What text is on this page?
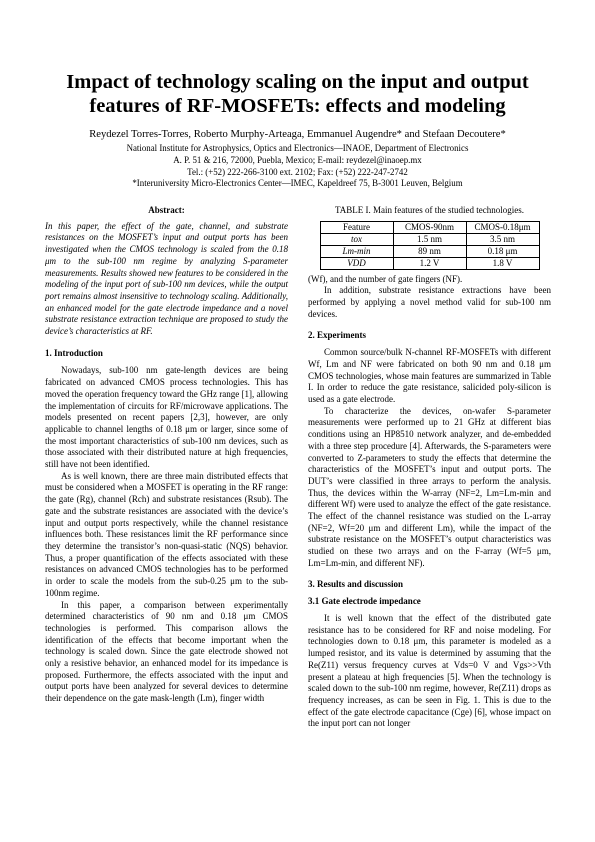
Impact of technology scaling on the input and output
features of RF-MOSFETs: effects and modeling
Reydezel Torres-Torres, Roberto Murphy-Arteaga, Emmanuel Augendre* and Stefaan Decoutere*
National Institute for Astrophysics, Optics and Electronics—INAOE, Department of Electronics
A. P. 51 & 216, 72000, Puebla, Mexico; E-mail: reydezel@inaoep.mx
Tel.: (+52) 222-266-3100 ext. 2102; Fax: (+52) 222-247-2742
*Interuniversity Micro-Electronics Center—IMEC, Kapeldreef 75, B-3001 Leuven, Belgium
Abstract:

In this paper, the effect of the gate, channel, and substrate resistances on the MOSFET’s input and output ports has been investigated when the CMOS technology is scaled from the 0.18 μm to the sub-100 nm regime by analyzing S-parameter measurements. Results showed new features to be considered in the modeling of the input port of sub-100 nm devices, while the output port remains almost insensitive to technology scaling. Additionally, an enhanced model for the gate electrode impedance and a novel substrate resistance extraction technique are proposed to study the device’s characteristics at RF.

1. Introduction

Nowadays, sub-100 nm gate-length devices are being fabricated on advanced CMOS process technologies. This has moved the operation frequency toward the GHz range [1], allowing the implementation of circuits for RF/microwave applications. The models presented on recent papers [2,3], however, are only applicable to channel lengths of 0.18 μm or larger, since some of the most important characteristics of sub-100 nm devices, such as those associated with their distributed nature at high frequencies, still have not been identified.

As is well known, there are three main distributed effects that must be considered when a MOSFET is operating in the RF range: the gate (Rg), channel (Rch) and substrate resistances (Rsub). The gate and the substrate resistances are associated with the device’s input and output ports respectively, while the channel resistance influences both. These resistances limit the RF performance since they determine the transistor’s non-quasi-static (NQS) behavior. Thus, a proper quantification of the effects associated with these resistances on advanced CMOS technologies has to be performed in order to scale the models from the sub-0.25 μm to the sub-100nm regime.

In this paper, a comparison between experimentally determined characteristics of 90 nm and 0.18 μm CMOS technologies is performed. This comparison allows the identification of the effects that become important when the technology is scaled down. Since the gate electrode showed not only a resistive behavior, an enhanced model for its impedance is proposed. Furthermore, the effects associated with the input and output ports have been analyzed for several devices to determine their dependence on the gate mask-length (Lm), finger width

TABLE I. Main features of the studied technologies.
Feature	CMOS-90nm	CMOS-0.18μm
tox	1.5 nm	3.5 nm
Lm-min	89 nm	0.18 μm
VDD	1.2 V	1.8 V

(Wf), and the number of gate fingers (NF).

In addition, substrate resistance extractions have been performed by applying a novel method valid for sub-100 nm devices.

2. Experiments

Common source/bulk N-channel RF-MOSFETs with different Wf, Lm and NF were fabricated on both 90 nm and 0.18 μm CMOS technologies, whose main features are summarized in Table I. In order to reduce the gate resistance, salicided poly-silicon is used as a gate electrode.

To characterize the devices, on-wafer S-parameter measurements were performed up to 21 GHz at different bias conditions using an HP8510 network analyzer, and de-embedded with a three step procedure [4]. Afterwards, the S-parameters were converted to Z-parameters to study the effects that determine the characteristics of the MOSFET’s input and output ports. The DUT’s were classified in three arrays to perform the analysis. Thus, the devices within the W-array (NF=2, Lm=Lm-min and different Wf) were used to analyze the effect of the gate resistance. The effect of the channel resistance was studied on the L-array (NF=2, Wf=20 μm and different Lm), while the impact of the substrate resistance on the MOSFET’s output characteristics was studied on these two arrays and on the F-array (Wf=5 μm, Lm=Lm-min, and different NF).

3. Results and discussion
3.1 Gate electrode impedance

It is well known that the effect of the distributed gate resistance has to be considered for RF and noise modeling. For technologies down to 0.18 μm, this parameter is modeled as a lumped resistor, and its value is determined by assuming that the Re(Z11) versus frequency curves at Vds=0 V and Vgs>>Vth present a plateau at high frequencies [5]. When the technology is scaled down to the sub-100 nm regime, however, Re(Z11) drops as frequency increases, as can be seen in Fig. 1. This is due to the effect of the gate electrode capacitance (Cge) [6], whose impact on the input port can not longer
